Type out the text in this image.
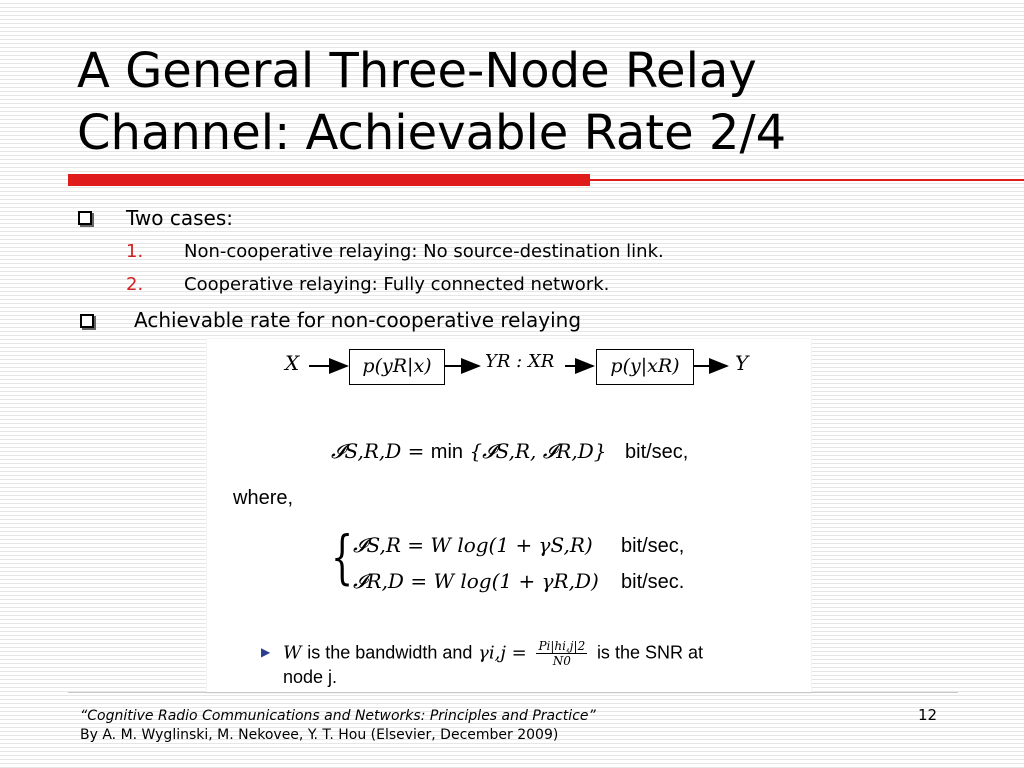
A General Three-Node Relay
Channel: Achievable Rate 2/4
Two cases:
1. Non-cooperative relaying: No source-destination link.
2. Cooperative relaying: Fully connected network.
Achievable rate for non-cooperative relaying
X	p(yR|x)	YR : XR	p(y|xR)	Y
𝓘S,R,D = min {𝓘S,R, 𝓘R,D} bit/sec,
where,
{ 𝓘S,R = W log(1 + γS,R) bit/sec,
𝓘R,D = W log(1 + γR,D) bit/sec.
▶ W is the bandwidth and $\gamma i,j = \frac{Pi|hi,j|2}{N0}$ is the SNR at
node j.
“Cognitive Radio Communications and Networks: Principles and Practice”
By A. M. Wyglinski, M. Nekovee, Y. T. Hou (Elsevier, December 2009)
12
